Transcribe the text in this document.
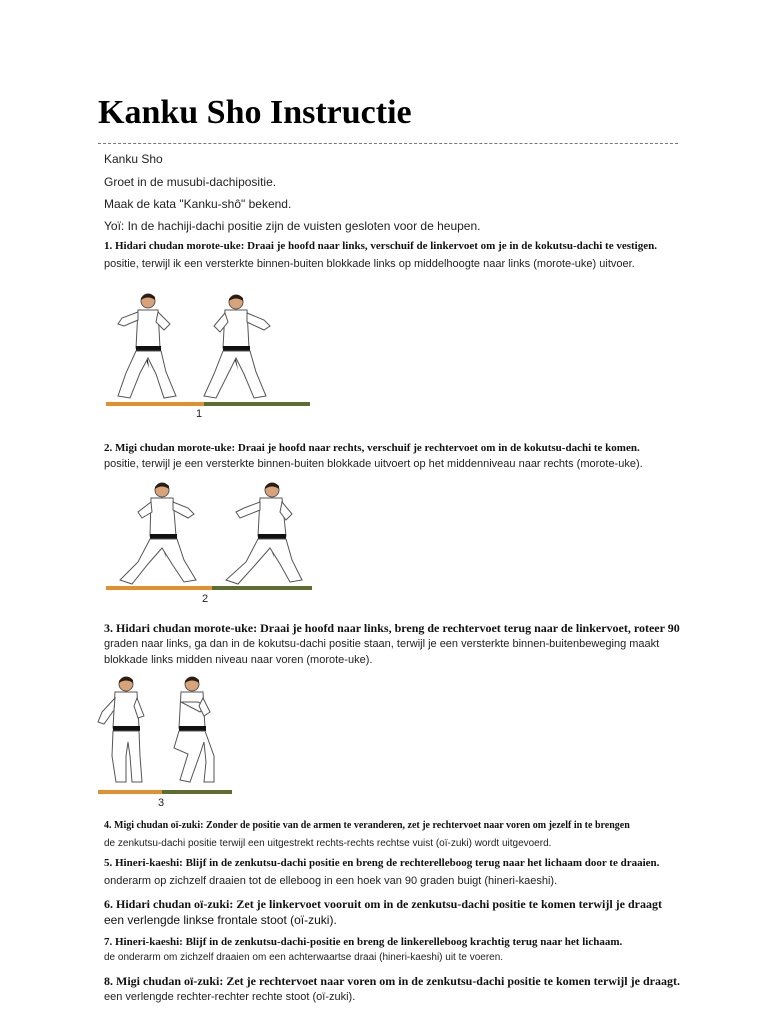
Kanku Sho Instructie
Kanku Sho
Groet in de musubi-dachipositie.
Maak de kata "Kanku-shô" bekend.
Yoï: In de hachiji-dachi positie zijn de vuisten gesloten voor de heupen.
1. Hidari chudan morote-uke: Draai je hoofd naar links, verschuif de linkervoet om je in de kokutsu-dachi te vestigen.
positie, terwijl ik een versterkte binnen-buiten blokkade links op middelhoogte naar links (morote-uke) uitvoer.
1
2. Migi chudan morote-uke: Draai je hoofd naar rechts, verschuif je rechtervoet om in de kokutsu-dachi te komen.
positie, terwijl je een versterkte binnen-buiten blokkade uitvoert op het middenniveau naar rechts (morote-uke).
2
3. Hidari chudan morote-uke: Draai je hoofd naar links, breng de rechtervoet terug naar de linkervoet, roteer 90
graden naar links, ga dan in de kokutsu-dachi positie staan, terwijl je een versterkte binnen-buitenbeweging maakt
blokkade links midden niveau naar voren (morote-uke).
3
4. Migi chudan oï-zuki: Zonder de positie van de armen te veranderen, zet je rechtervoet naar voren om jezelf in te brengen
de zenkutsu-dachi positie terwijl een uitgestrekt rechts-rechts rechtse vuist (oï-zuki) wordt uitgevoerd.
5. Hineri-kaeshi: Blijf in de zenkutsu-dachi positie en breng de rechterelleboog terug naar het lichaam door te draaien.
onderarm op zichzelf draaien tot de elleboog in een hoek van 90 graden buigt (hineri-kaeshi).
6. Hidari chudan oï-zuki: Zet je linkervoet vooruit om in de zenkutsu-dachi positie te komen terwijl je draagt
een verlengde linkse frontale stoot (oï-zuki).
7. Hineri-kaeshi: Blijf in de zenkutsu-dachi-positie en breng de linkerelleboog krachtig terug naar het lichaam.
de onderarm om zichzelf draaien om een achterwaartse draai (hineri-kaeshi) uit te voeren.
8. Migi chudan oï-zuki: Zet je rechtervoet naar voren om in de zenkutsu-dachi positie te komen terwijl je draagt.
een verlengde rechter-rechter rechte stoot (oï-zuki).
